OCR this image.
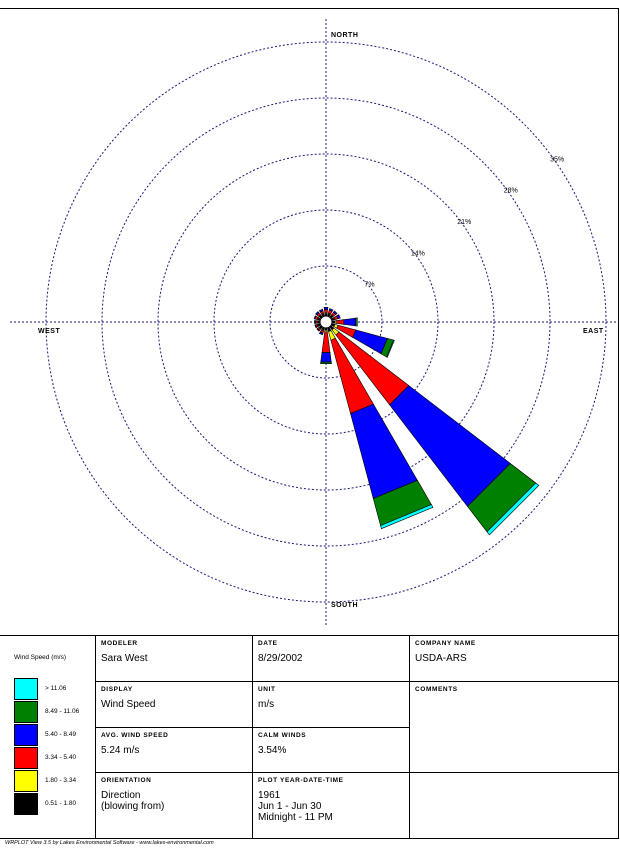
NORTH
EAST
SOUTH
WEST
7%
14%
21%
28%
35%
Wind Speed (m/s)
> 11.06
8.49 - 11.06
5.40 - 8.49
3.34 - 5.40
1.80 - 3.34
0.51 - 1.80
MODELER
Sara West
DATE
8/29/2002
COMPANY NAME
USDA-ARS
DISPLAY
Wind Speed
UNIT
m/s
COMMENTS
AVG. WIND SPEED
5.24 m/s
CALM WINDS
3.54%
ORIENTATION
Direction
(blowing from)
PLOT YEAR-DATE-TIME
1961
Jun 1 - Jun 30
Midnight - 11 PM
WRPLOT View 3.5 by Lakes Environmental Software - www.lakes-environmental.com
